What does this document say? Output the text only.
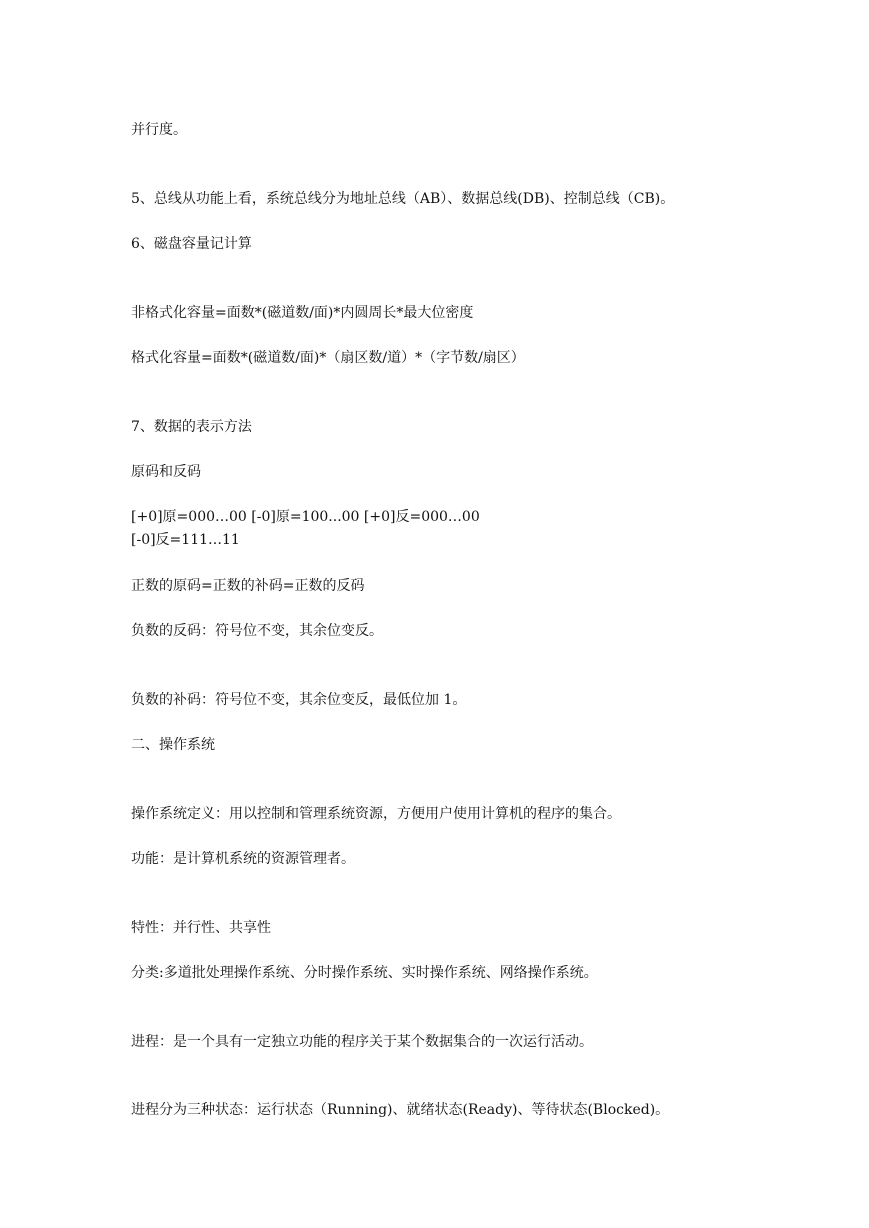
并行度。

5、总线从功能上看，系统总线分为地址总线（AB）、数据总线(DB)、控制总线（CB)。

6、磁盘容量记计算

非格式化容量=面数*(磁道数/面)*内圆周长*最大位密度

格式化容量=面数*(磁道数/面)*（扇区数/道）*（字节数/扇区）

7、数据的表示方法

原码和反码

[+0]原=000…00 [-0]原=100...00 [+0]反=000…00

[-0]反=111…11

正数的原码=正数的补码=正数的反码

负数的反码：符号位不变，其余位变反。

负数的补码：符号位不变，其余位变反，最低位加 1。

二、操作系统

操作系统定义：用以控制和管理系统资源，方便用户使用计算机的程序的集合。

功能：是计算机系统的资源管理者。

特性：并行性、共享性

分类:多道批处理操作系统、分时操作系统、实时操作系统、网络操作系统。

进程：是一个具有一定独立功能的程序关于某个数据集合的一次运行活动。

进程分为三种状态：运行状态（Running)、就绪状态(Ready)、等待状态(Blocked)。
